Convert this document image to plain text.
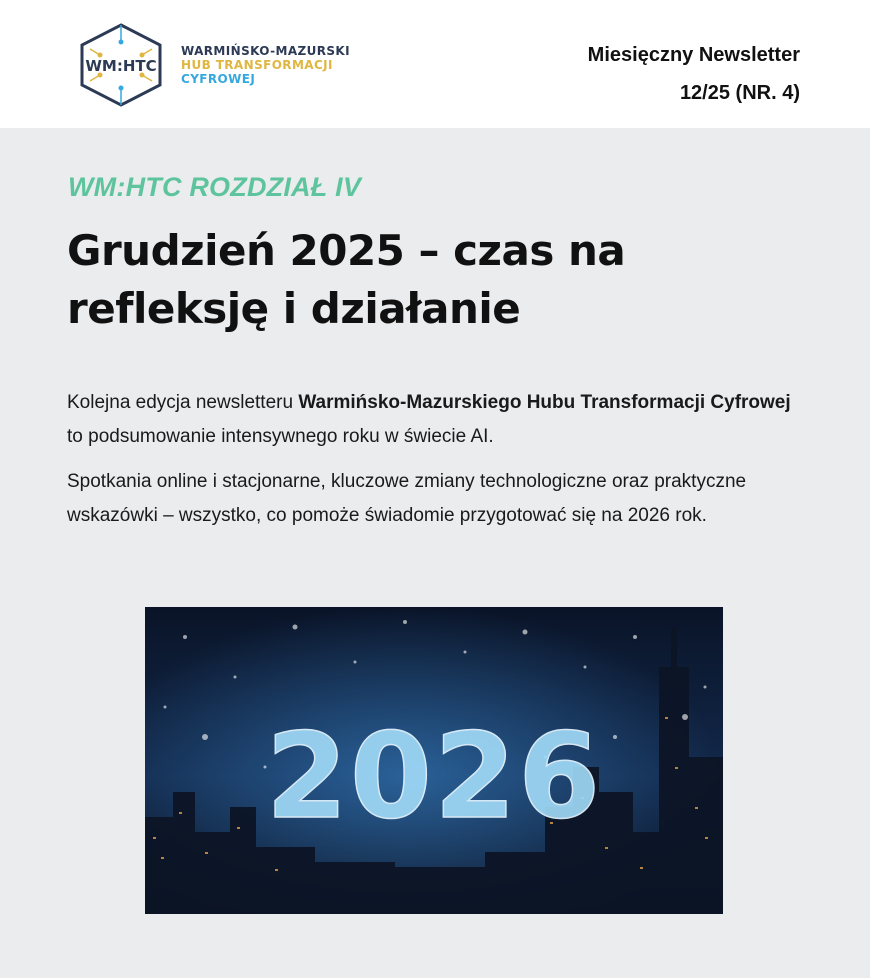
WM:HTC
WARMIŃSKO-MAZURSKI
HUB TRANSFORMACJI
CYFROWEJ
Miesięczny Newsletter
12/25 (NR. 4)
WM:HTC ROZDZIAŁ IV
Grudzień 2025 – czas na refleksję i działanie

Kolejna edycja newsletteru Warmińsko-Mazurskiego Hubu Transformacji Cyfrowej to podsumowanie intensywnego roku w świecie AI.

Spotkania online i stacjonarne, kluczowe zmiany technologiczne oraz praktyczne wskazówki – wszystko, co pomoże świadomie przygotować się na 2026 rok.

2026
